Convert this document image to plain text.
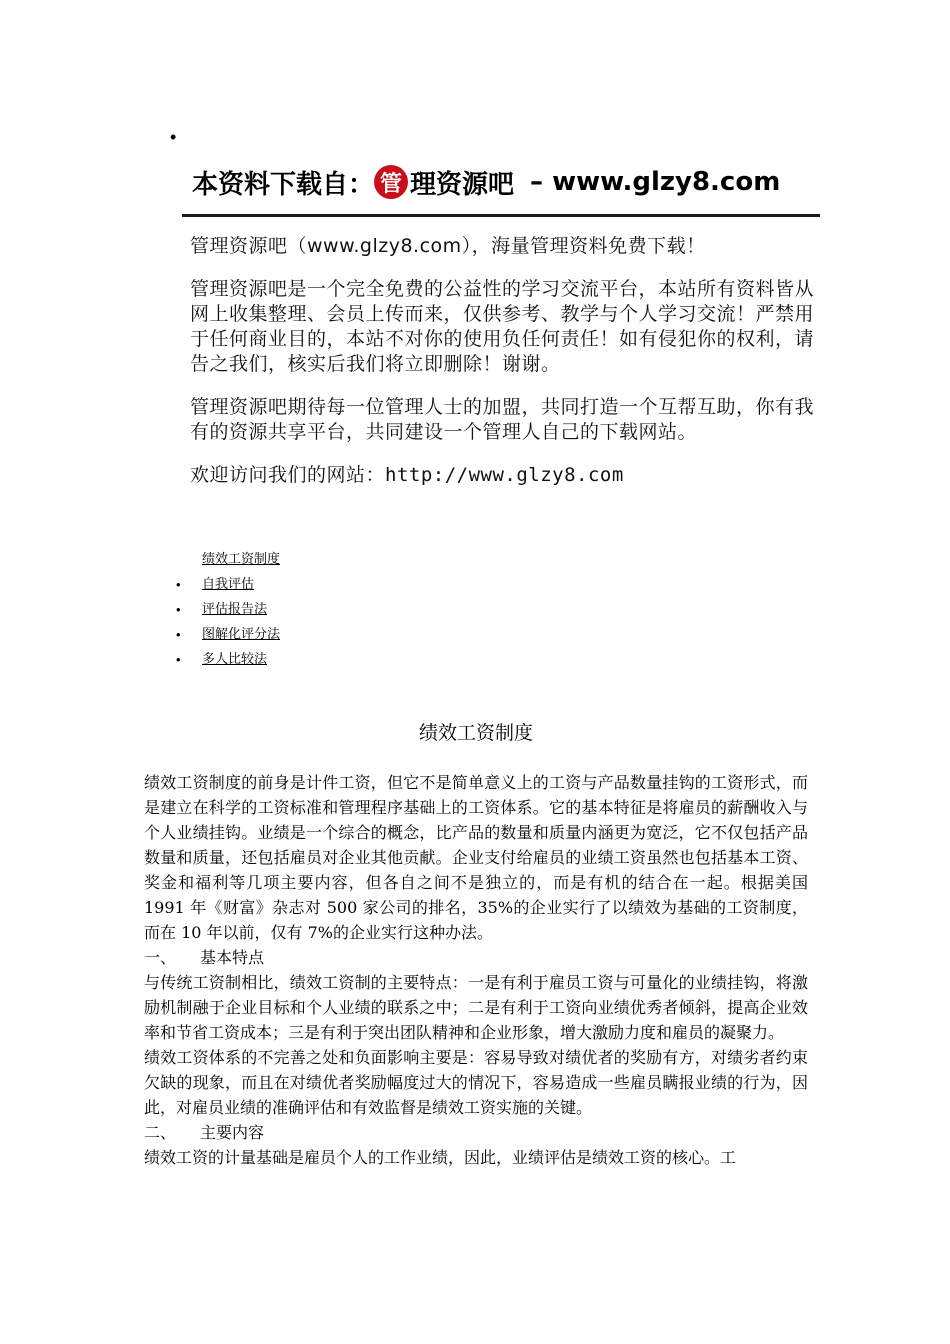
•
本资料下载自： 管 理资源吧 – www.glzy8.com

管理资源吧（www.glzy8.com），海量管理资料免费下载！

管理资源吧是一个完全免费的公益性的学习交流平台，本站所有资料皆从网上收集整理、会员上传而来，仅供参考、教学与个人学习交流！严禁用于任何商业目的，本站不对你的使用负任何责任！如有侵犯你的权利，请告之我们，核实后我们将立即删除！谢谢。

管理资源吧期待每一位管理人士的加盟，共同打造一个互帮互助，你有我有的资源共享平台，共同建设一个管理人自己的下载网站。

欢迎访问我们的网站：http://www.glzy8.com

绩效工资制度
• 自我评估
• 评估报告法
• 图解化评分法
• 多人比较法
绩效工资制度

绩效工资制度的前身是计件工资，但它不是简单意义上的工资与产品数量挂钩的工资形式，而是建立在科学的工资标准和管理程序基础上的工资体系。它的基本特征是将雇员的薪酬收入与个人业绩挂钩。业绩是一个综合的概念，比产品的数量和质量内涵更为宽泛，它不仅包括产品数量和质量，还包括雇员对企业其他贡献。企业支付给雇员的业绩工资虽然也包括基本工资、奖金和福利等几项主要内容，但各自之间不是独立的，而是有机的结合在一起。根据美国 1991 年《财富》杂志对 500 家公司的排名，35%的企业实行了以绩效为基础的工资制度，而在 10 年以前，仅有 7%的企业实行这种办法。

一、 基本特点

与传统工资制相比，绩效工资制的主要特点：一是有利于雇员工资与可量化的业绩挂钩，将激励机制融于企业目标和个人业绩的联系之中；二是有利于工资向业绩优秀者倾斜，提高企业效率和节省工资成本；三是有利于突出团队精神和企业形象，增大激励力度和雇员的凝聚力。

绩效工资体系的不完善之处和负面影响主要是：容易导致对绩优者的奖励有方，对绩劣者约束欠缺的现象，而且在对绩优者奖励幅度过大的情况下，容易造成一些雇员瞒报业绩的行为，因此，对雇员业绩的准确评估和有效监督是绩效工资实施的关键。

二、 主要内容

绩效工资的计量基础是雇员个人的工作业绩，因此，业绩评估是绩效工资的核心。工
